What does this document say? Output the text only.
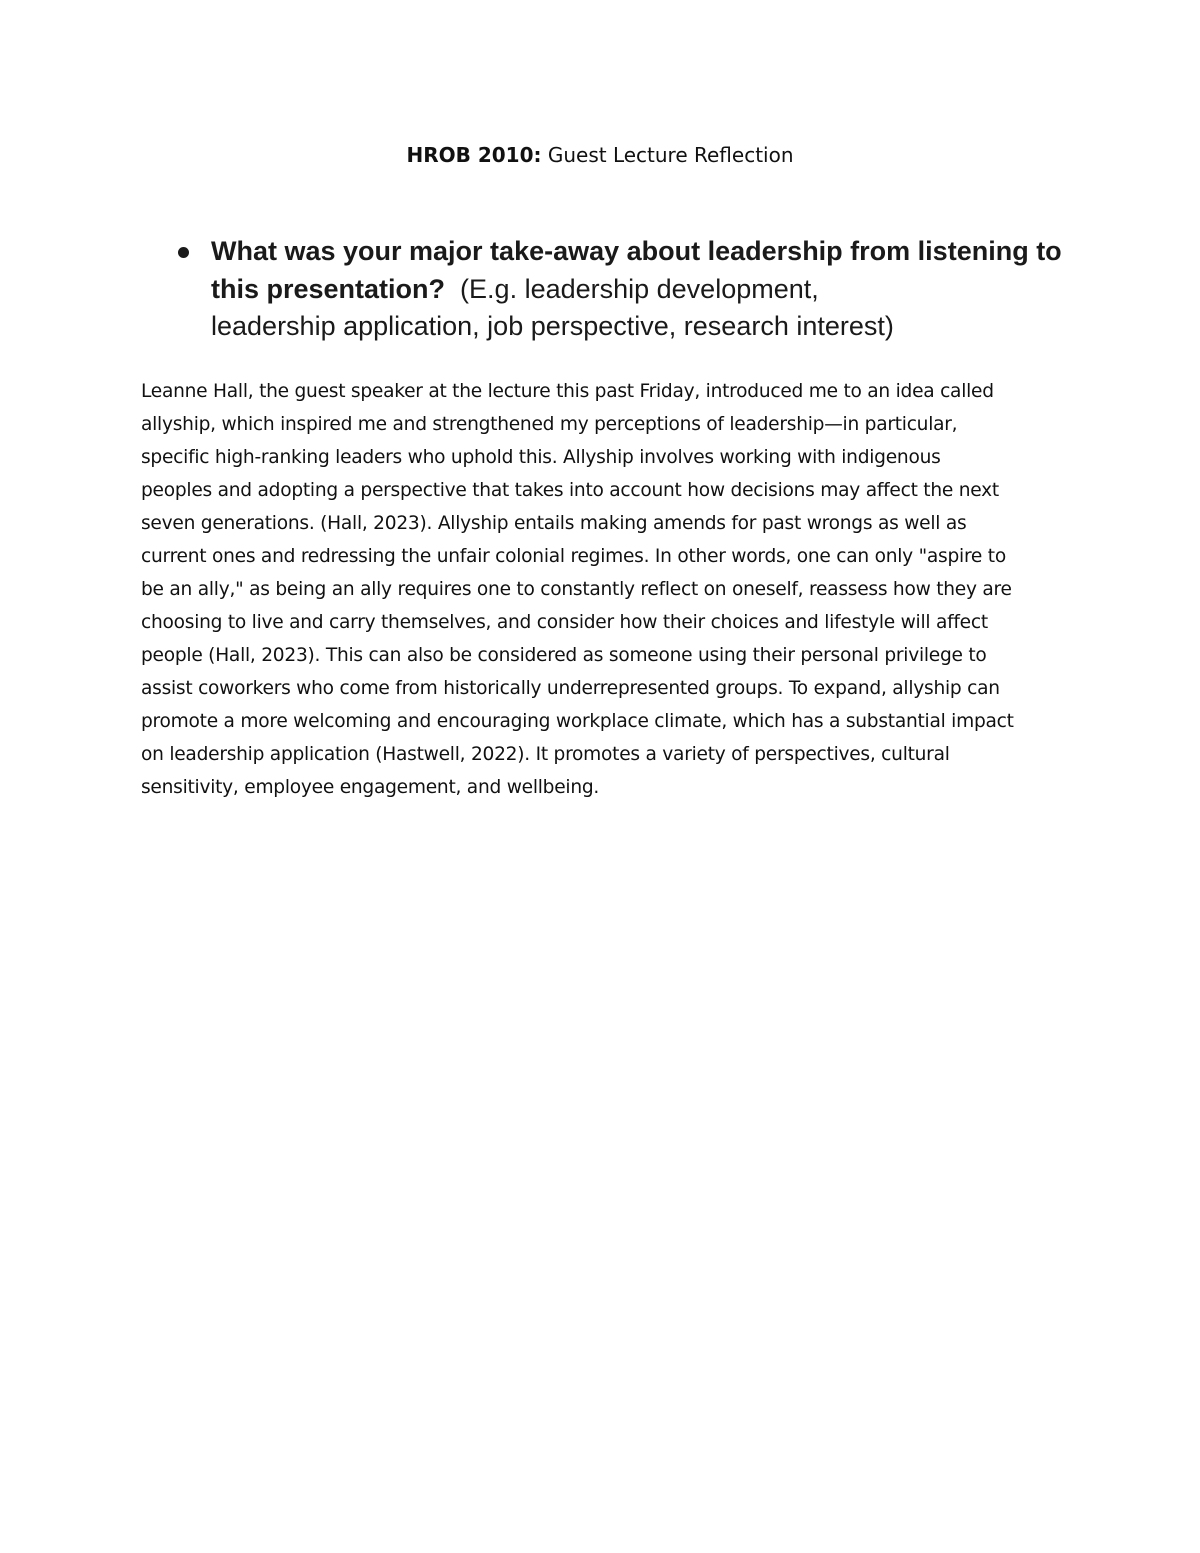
HROB 2010: Guest Lecture Reflection
What was your major take-away about leadership from listening to this presentation? (E.g. leadership development,
leadership application, job perspective, research interest)
Leanne Hall, the guest speaker at the lecture this past Friday, introduced me to an idea called
allyship, which inspired me and strengthened my perceptions of leadership—in particular,
specific high-ranking leaders who uphold this. Allyship involves working with indigenous
peoples and adopting a perspective that takes into account how decisions may affect the next
seven generations. (Hall, 2023). Allyship entails making amends for past wrongs as well as
current ones and redressing the unfair colonial regimes. In other words, one can only "aspire to
be an ally," as being an ally requires one to constantly reflect on oneself, reassess how they are
choosing to live and carry themselves, and consider how their choices and lifestyle will affect
people (Hall, 2023). This can also be considered as someone using their personal privilege to
assist coworkers who come from historically underrepresented groups. To expand, allyship can
promote a more welcoming and encouraging workplace climate, which has a substantial impact
on leadership application (Hastwell, 2022). It promotes a variety of perspectives, cultural
sensitivity, employee engagement, and wellbeing.
